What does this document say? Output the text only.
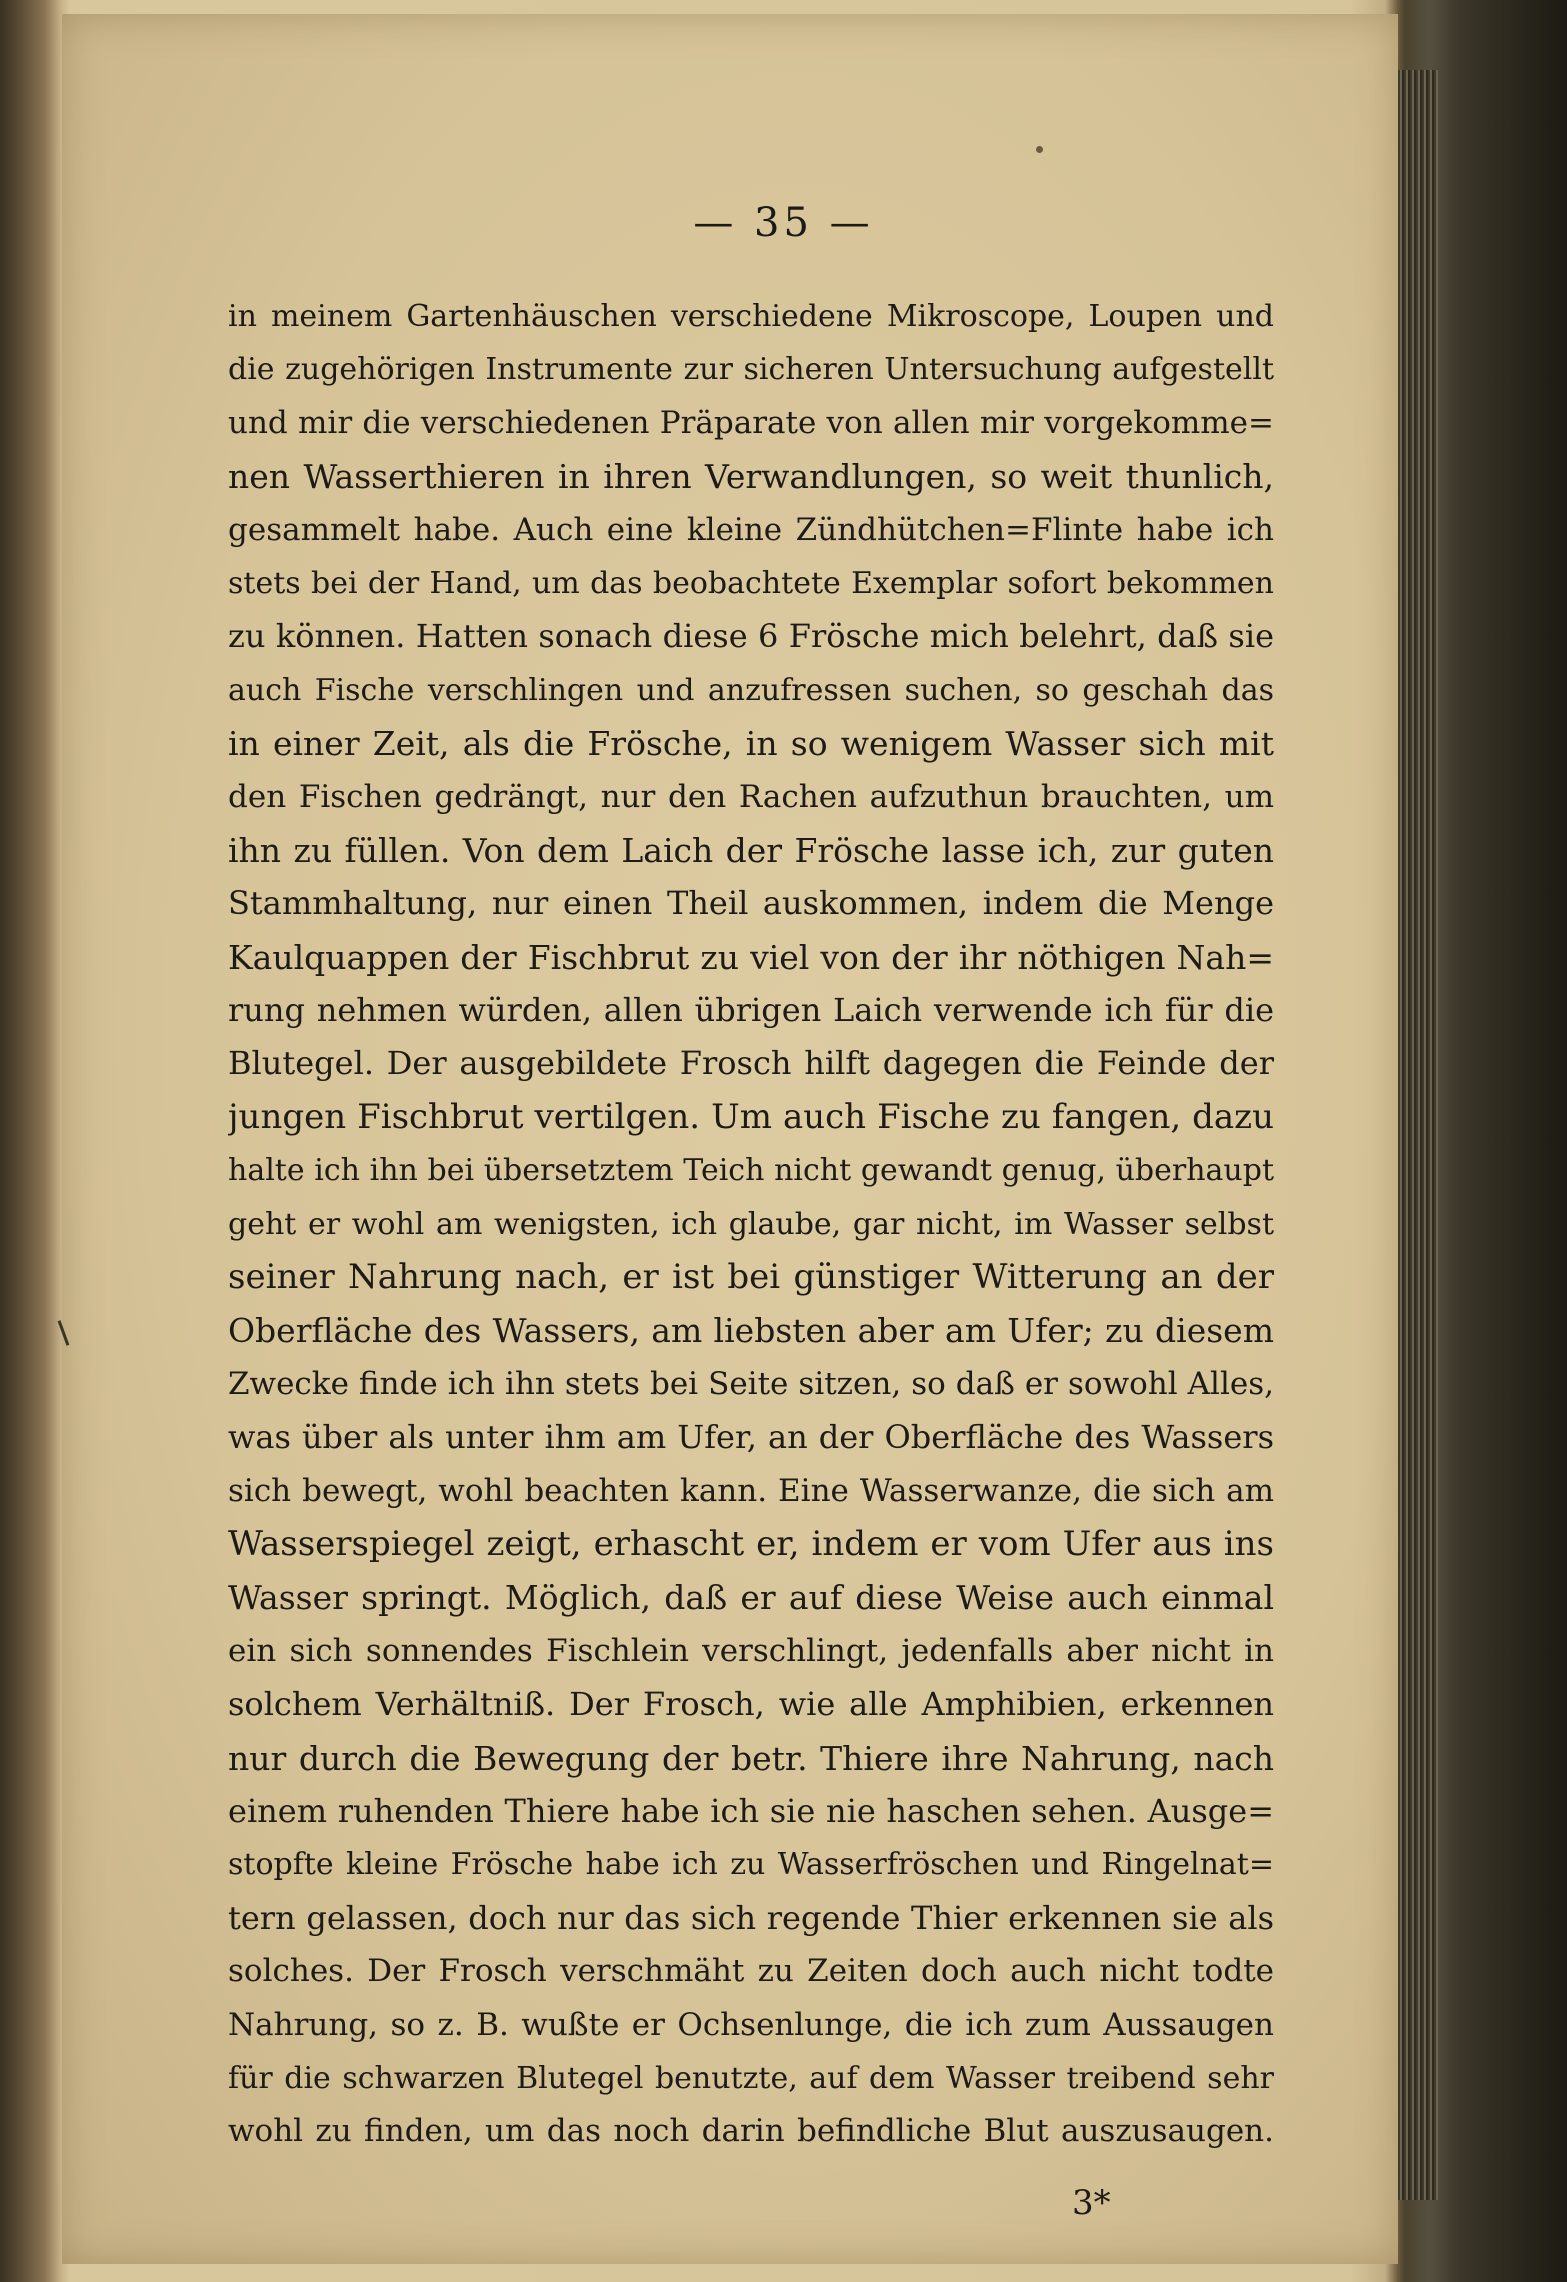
— 35 —
in meinem Gartenhäuschen verschiedene Mikroscope, Loupen und
die zugehörigen Instrumente zur sicheren Untersuchung aufgestellt
und mir die verschiedenen Präparate von allen mir vorgekomme=
nen Wasserthieren in ihren Verwandlungen, so weit thunlich,
gesammelt habe. Auch eine kleine Zündhütchen=Flinte habe ich
stets bei der Hand, um das beobachtete Exemplar sofort bekommen
zu können. Hatten sonach diese 6 Frösche mich belehrt, daß sie
auch Fische verschlingen und anzufressen suchen, so geschah das
in einer Zeit, als die Frösche, in so wenigem Wasser sich mit
den Fischen gedrängt, nur den Rachen aufzuthun brauchten, um
ihn zu füllen. Von dem Laich der Frösche lasse ich, zur guten
Stammhaltung, nur einen Theil auskommen, indem die Menge
Kaulquappen der Fischbrut zu viel von der ihr nöthigen Nah=
rung nehmen würden, allen übrigen Laich verwende ich für die
Blutegel. Der ausgebildete Frosch hilft dagegen die Feinde der
jungen Fischbrut vertilgen. Um auch Fische zu fangen, dazu
halte ich ihn bei übersetztem Teich nicht gewandt genug, überhaupt
geht er wohl am wenigsten, ich glaube, gar nicht, im Wasser selbst
seiner Nahrung nach, er ist bei günstiger Witterung an der
Oberfläche des Wassers, am liebsten aber am Ufer; zu diesem
Zwecke finde ich ihn stets bei Seite sitzen, so daß er sowohl Alles,
was über als unter ihm am Ufer, an der Oberfläche des Wassers
sich bewegt, wohl beachten kann. Eine Wasserwanze, die sich am
Wasserspiegel zeigt, erhascht er, indem er vom Ufer aus ins
Wasser springt. Möglich, daß er auf diese Weise auch einmal
ein sich sonnendes Fischlein verschlingt, jedenfalls aber nicht in
solchem Verhältniß. Der Frosch, wie alle Amphibien, erkennen
nur durch die Bewegung der betr. Thiere ihre Nahrung, nach
einem ruhenden Thiere habe ich sie nie haschen sehen. Ausge=
stopfte kleine Frösche habe ich zu Wasserfröschen und Ringelnat=
tern gelassen, doch nur das sich regende Thier erkennen sie als
solches. Der Frosch verschmäht zu Zeiten doch auch nicht todte
Nahrung, so z. B. wußte er Ochsenlunge, die ich zum Aussaugen
für die schwarzen Blutegel benutzte, auf dem Wasser treibend sehr
wohl zu finden, um das noch darin befindliche Blut auszusaugen.
3*
